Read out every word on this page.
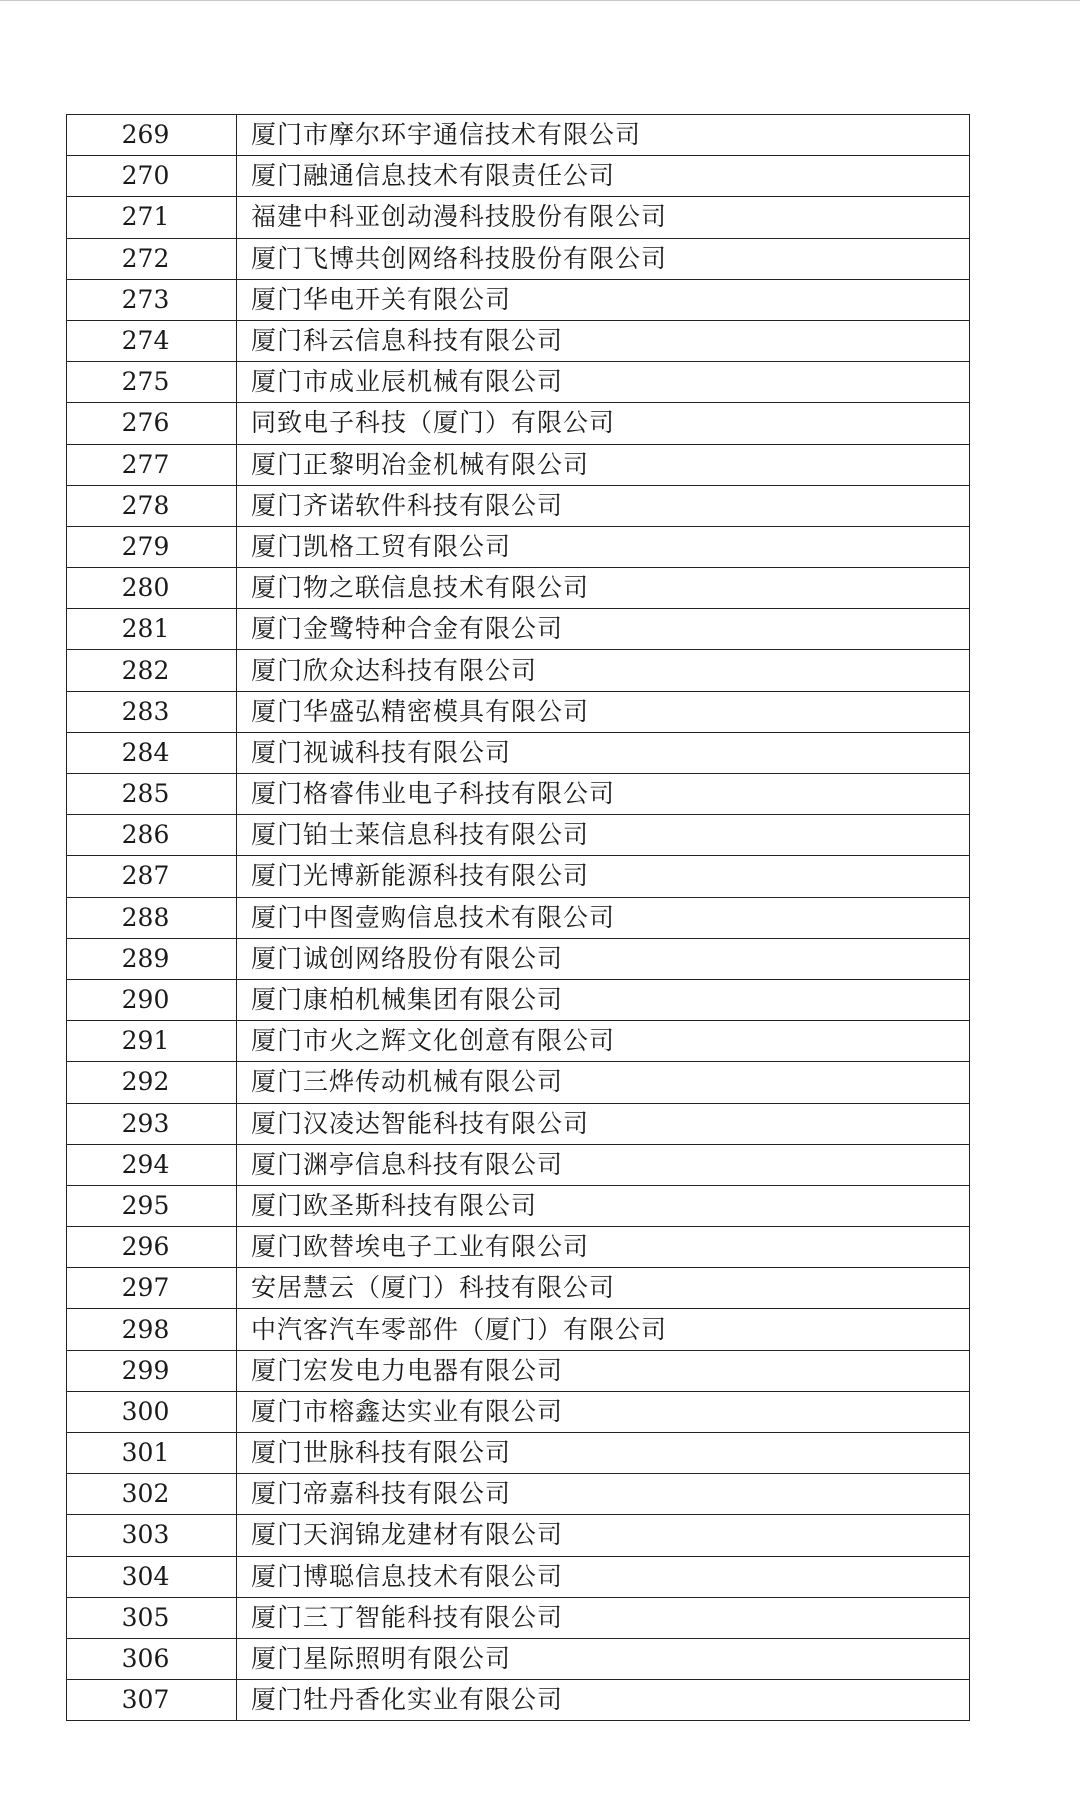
269	厦门市摩尔环宇通信技术有限公司
270	厦门融通信息技术有限责任公司
271	福建中科亚创动漫科技股份有限公司
272	厦门飞博共创网络科技股份有限公司
273	厦门华电开关有限公司
274	厦门科云信息科技有限公司
275	厦门市成业辰机械有限公司
276	同致电子科技（厦门）有限公司
277	厦门正黎明冶金机械有限公司
278	厦门齐诺软件科技有限公司
279	厦门凯格工贸有限公司
280	厦门物之联信息技术有限公司
281	厦门金鹭特种合金有限公司
282	厦门欣众达科技有限公司
283	厦门华盛弘精密模具有限公司
284	厦门视诚科技有限公司
285	厦门格睿伟业电子科技有限公司
286	厦门铂士莱信息科技有限公司
287	厦门光博新能源科技有限公司
288	厦门中图壹购信息技术有限公司
289	厦门诚创网络股份有限公司
290	厦门康柏机械集团有限公司
291	厦门市火之辉文化创意有限公司
292	厦门三烨传动机械有限公司
293	厦门汉凌达智能科技有限公司
294	厦门渊亭信息科技有限公司
295	厦门欧圣斯科技有限公司
296	厦门欧替埃电子工业有限公司
297	安居慧云（厦门）科技有限公司
298	中汽客汽车零部件（厦门）有限公司
299	厦门宏发电力电器有限公司
300	厦门市榕鑫达实业有限公司
301	厦门世脉科技有限公司
302	厦门帝嘉科技有限公司
303	厦门天润锦龙建材有限公司
304	厦门博聪信息技术有限公司
305	厦门三丁智能科技有限公司
306	厦门星际照明有限公司
307	厦门牡丹香化实业有限公司
